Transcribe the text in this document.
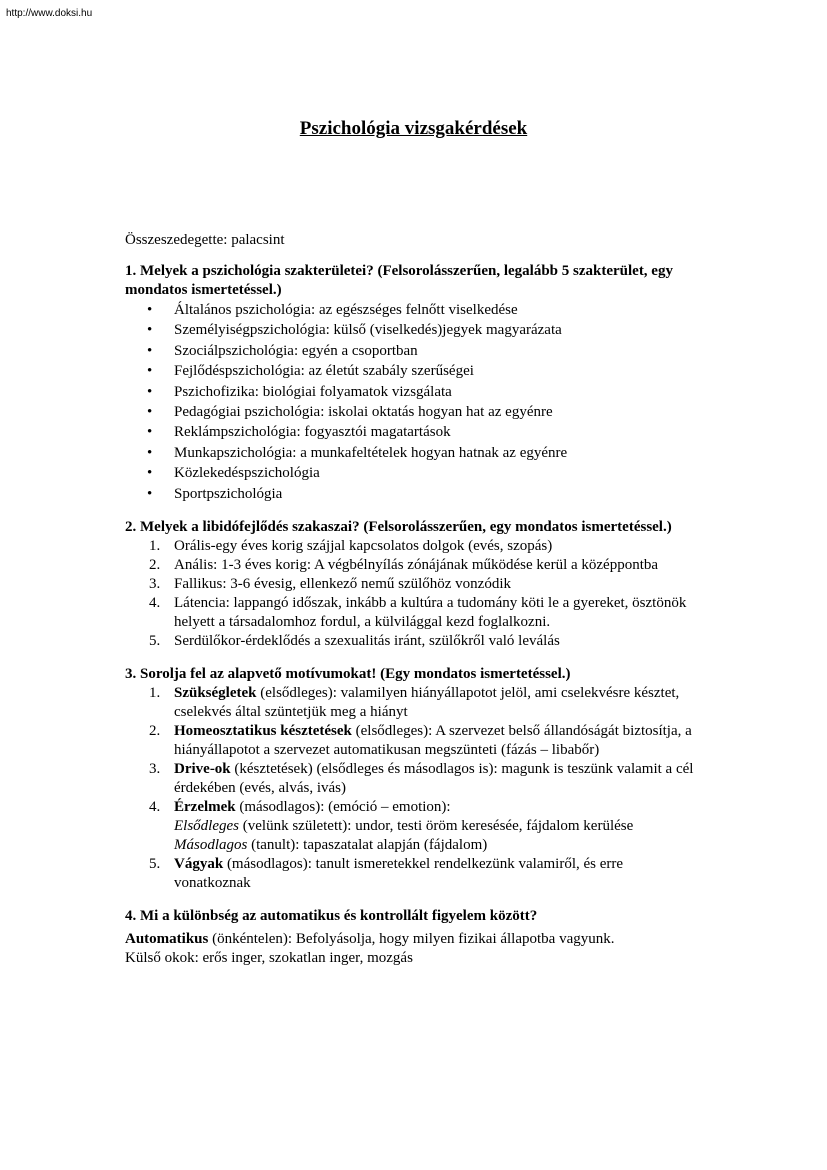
http://www.doksi.hu
Pszichológia vizsgakérdések

Összeszedegette: palacsint

1. Melyek a pszichológia szakterületei? (Felsorolásszerűen, legalább 5 szakterület, egy mondatos ismertetéssel.)

• Általános pszichológia: az egészséges felnőtt viselkedése
• Személyiségpszichológia: külső (viselkedés)jegyek magyarázata
• Szociálpszichológia: egyén a csoportban
• Fejlődéspszichológia: az életút szabály szerűségei
• Pszichofizika: biológiai folyamatok vizsgálata
• Pedagógiai pszichológia: iskolai oktatás hogyan hat az egyénre
• Reklámpszichológia: fogyasztói magatartások
• Munkapszichológia: a munkafeltételek hogyan hatnak az egyénre
• Közlekedéspszichológia
• Sportpszichológia

2. Melyek a libidófejlődés szakaszai? (Felsorolásszerűen, egy mondatos ismertetéssel.)

1. Orális-egy éves korig szájjal kapcsolatos dolgok (evés, szopás)
2. Anális: 1-3 éves korig: A végbélnyílás zónájának működése kerül a középpontba
3. Fallikus: 3-6 évesig, ellenkező nemű szülőhöz vonzódik
4. Látencia: lappangó időszak, inkább a kultúra a tudomány köti le a gyereket, ösztönök helyett a társadalomhoz fordul, a külvilággal kezd foglalkozni.
5. Serdülőkor-érdeklődés a szexualitás iránt, szülőkről való leválás

3. Sorolja fel az alapvető motívumokat! (Egy mondatos ismertetéssel.)

1. Szükségletek (elsődleges): valamilyen hiányállapotot jelöl, ami cselekvésre késztet, cselekvés által szüntetjük meg a hiányt
2. Homeosztatikus késztetések (elsődleges): A szervezet belső állandóságát biztosítja, a hiányállapotot a szervezet automatikusan megszünteti (fázás – libabőr)
3. Drive-ok (késztetések) (elsődleges és másodlagos is): magunk is teszünk valamit a cél érdekében (evés, alvás, ivás)
4. Érzelmek (másodlagos): (emóció – emotion):
Elsődleges (velünk született): undor, testi öröm keresésée, fájdalom kerülése
Másodlagos (tanult): tapaszatalat alapján (fájdalom)
5. Vágyak (másodlagos): tanult ismeretekkel rendelkezünk valamiről, és erre vonatkoznak

4. Mi a különbség az automatikus és kontrollált figyelem között?

Automatikus (önkéntelen): Befolyásolja, hogy milyen fizikai állapotba vagyunk.

Külső okok: erős inger, szokatlan inger, mozgás
